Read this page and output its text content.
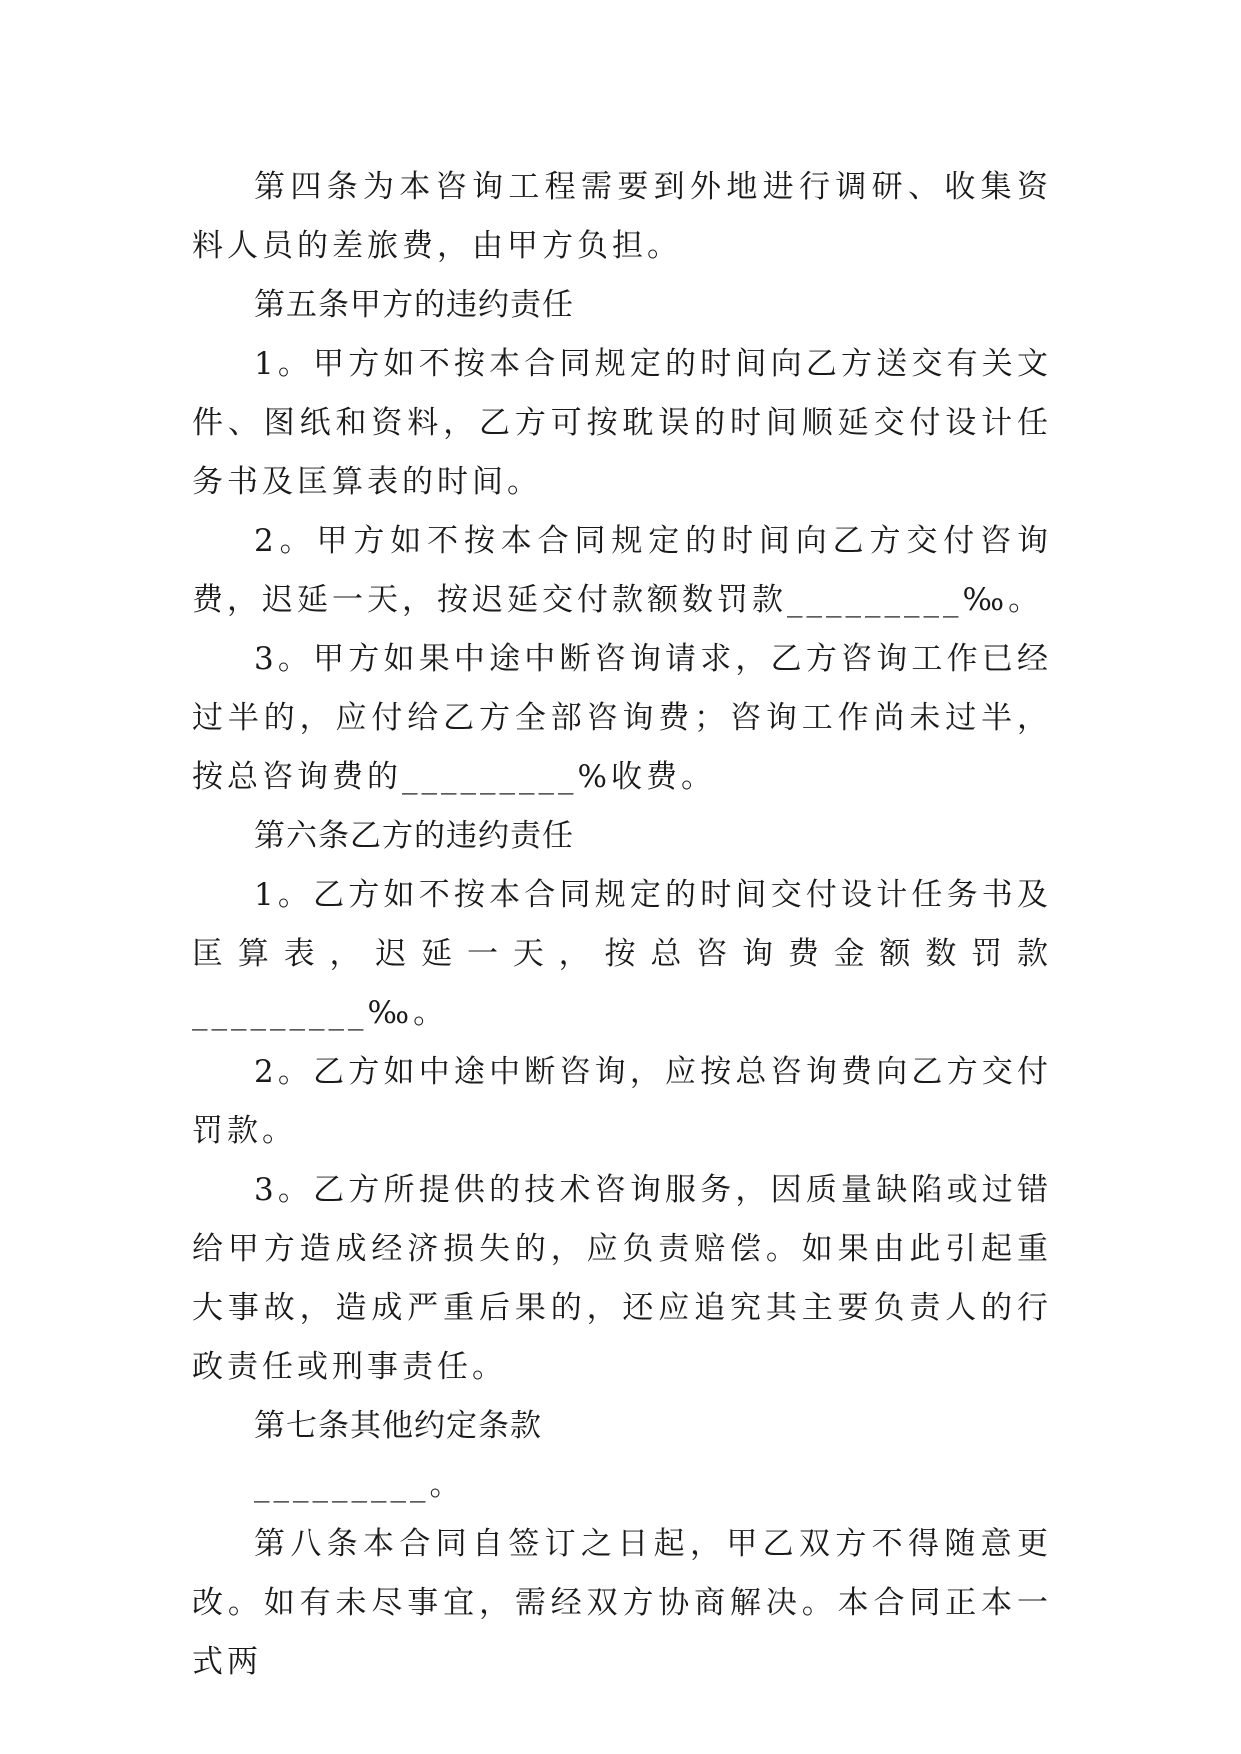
第四条为本咨询工程需要到外地进行调研、收集资料人员的差旅费，由甲方负担。

第五条甲方的违约责任

1。甲方如不按本合同规定的时间向乙方送交有关文件、图纸和资料，乙方可按耽误的时间顺延交付设计任务书及匡算表的时间。

2。甲方如不按本合同规定的时间向乙方交付咨询费，迟延一天，按迟延交付款额数罚款_________‰。

3。甲方如果中途中断咨询请求，乙方咨询工作已经过半的，应付给乙方全部咨询费；咨询工作尚未过半，按总咨询费的_________%收费。

第六条乙方的违约责任

1。乙方如不按本合同规定的时间交付设计任务书及匡算表，迟延一天，按总咨询费金额数罚款_________‰。

2。乙方如中途中断咨询，应按总咨询费向乙方交付罚款。

3。乙方所提供的技术咨询服务，因质量缺陷或过错给甲方造成经济损失的，应负责赔偿。如果由此引起重大事故，造成严重后果的，还应追究其主要负责人的行政责任或刑事责任。

第七条其他约定条款

_________。

第八条本合同自签订之日起，甲乙双方不得随意更改。如有未尽事宜，需经双方协商解决。本合同正本一式两
